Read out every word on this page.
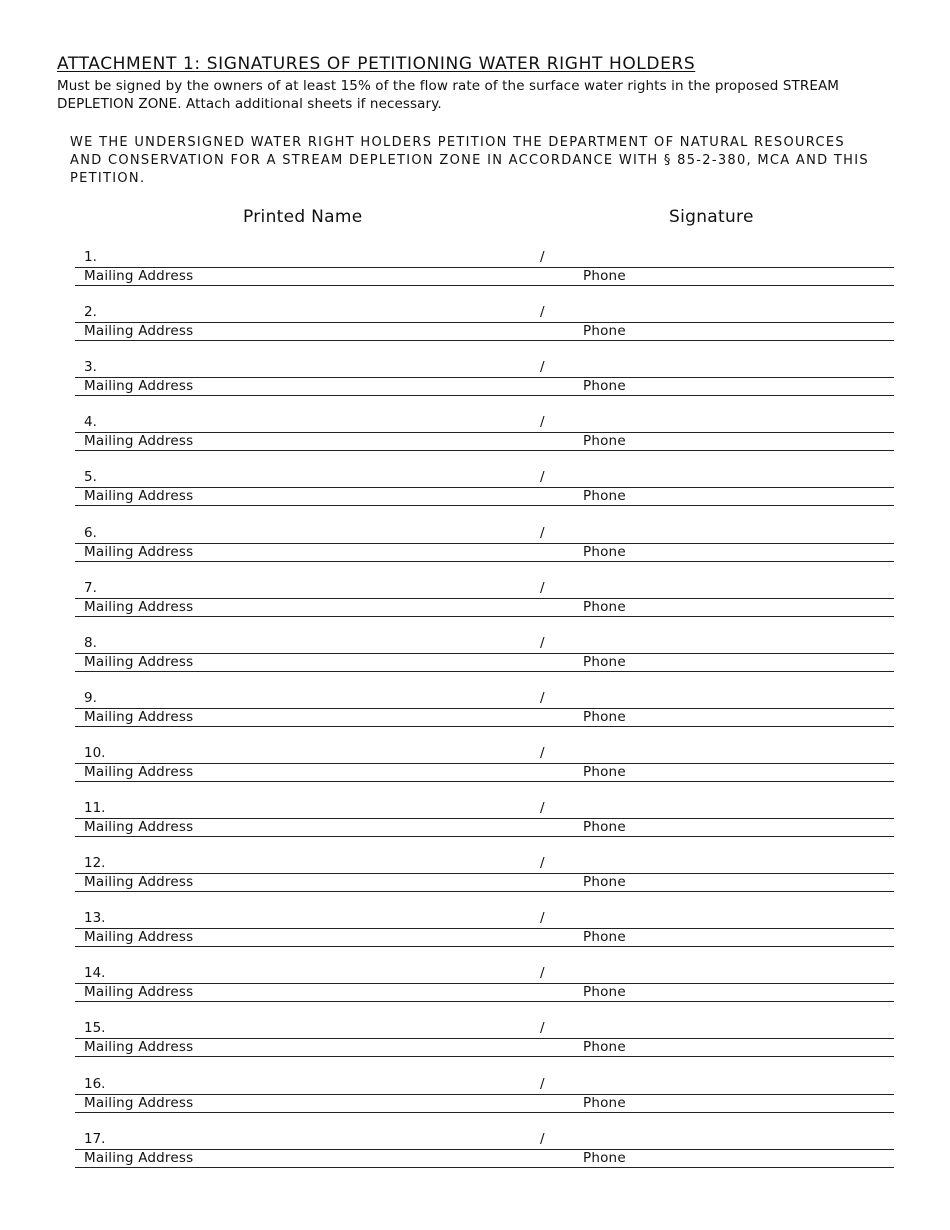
ATTACHMENT 1: SIGNATURES OF PETITIONING WATER RIGHT HOLDERS
Must be signed by the owners of at least 15% of the flow rate of the surface water rights in the proposed STREAM DEPLETION ZONE. Attach additional sheets if necessary.
WE THE UNDERSIGNED WATER RIGHT HOLDERS PETITION THE DEPARTMENT OF NATURAL RESOURCES AND CONSERVATION FOR A STREAM DEPLETION ZONE IN ACCORDANCE WITH § 85-2-380, MCA AND THIS PETITION.
Printed Name	Signature
1.	/
Mailing Address	Phone
2.	/
Mailing Address	Phone
3.	/
Mailing Address	Phone
4.	/
Mailing Address	Phone
5.	/
Mailing Address	Phone
6.	/
Mailing Address	Phone
7.	/
Mailing Address	Phone
8.	/
Mailing Address	Phone
9.	/
Mailing Address	Phone
10.	/
Mailing Address	Phone
11.	/
Mailing Address	Phone
12.	/
Mailing Address	Phone
13.	/
Mailing Address	Phone
14.	/
Mailing Address	Phone
15.	/
Mailing Address	Phone
16.	/
Mailing Address	Phone
17.	/
Mailing Address	Phone
